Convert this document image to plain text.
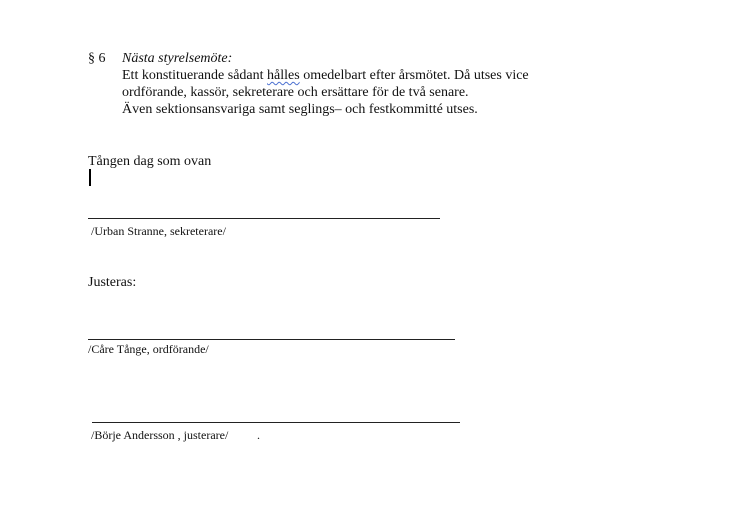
§ 6 Nästa styrelsemöte:
Ett konstituerande sådant hålles omedelbart efter årsmötet. Då utses vice
ordförande, kassör, sekreterare och ersättare för de två senare.
Även sektionsansvariga samt seglings– och festkommitté utses.
Tången dag som ovan
/Urban Stranne, sekreterare/
Justeras:
/Cåre Tånge, ordförande/
/Börje Andersson , justerare/ .
